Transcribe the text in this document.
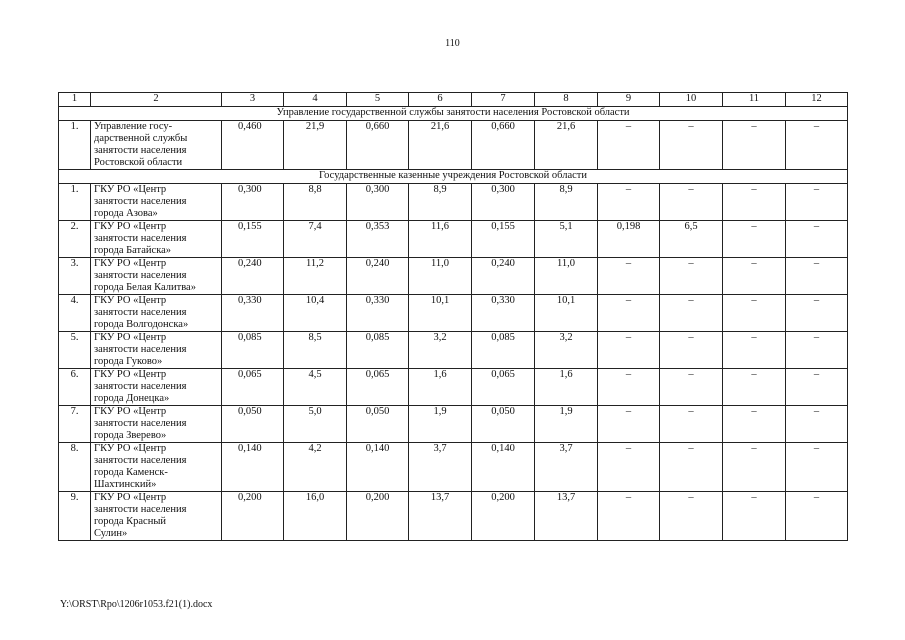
110
1	2	3	4	5	6	7	8	9	10	11	12
Управление государственной службы занятости населения Ростовской области											
1.	Управление госу-
дарственной службы
занятости населения
Ростовской области	0,460	21,9	0,660	21,6	0,660	21,6	–	–	–	–
Государственные казенные учреждения Ростовской области											
1.	ГКУ РО «Центр
занятости населения
города Азова»	0,300	8,8	0,300	8,9	0,300	8,9	–	–	–	–
2.	ГКУ РО «Центр
занятости населения
города Батайска»	0,155	7,4	0,353	11,6	0,155	5,1	0,198	6,5	–	–
3.	ГКУ РО «Центр
занятости населения
города Белая Калитва»	0,240	11,2	0,240	11,0	0,240	11,0	–	–	–	–
4.	ГКУ РО «Центр
занятости населения
города Волгодонска»	0,330	10,4	0,330	10,1	0,330	10,1	–	–	–	–
5.	ГКУ РО «Центр
занятости населения
города Гуково»	0,085	8,5	0,085	3,2	0,085	3,2	–	–	–	–
6.	ГКУ РО «Центр
занятости населения
города Донецка»	0,065	4,5	0,065	1,6	0,065	1,6	–	–	–	–
7.	ГКУ РО «Центр
занятости населения
города Зверево»	0,050	5,0	0,050	1,9	0,050	1,9	–	–	–	–
8.	ГКУ РО «Центр
занятости населения
города Каменск-
Шахтинский»	0,140	4,2	0,140	3,7	0,140	3,7	–	–	–	–
9.	ГКУ РО «Центр
занятости населения
города Красный
Сулин»	0,200	16,0	0,200	13,7	0,200	13,7	–	–	–	–
Y:\ORST\Rpo\1206r1053.f21(1).docx
